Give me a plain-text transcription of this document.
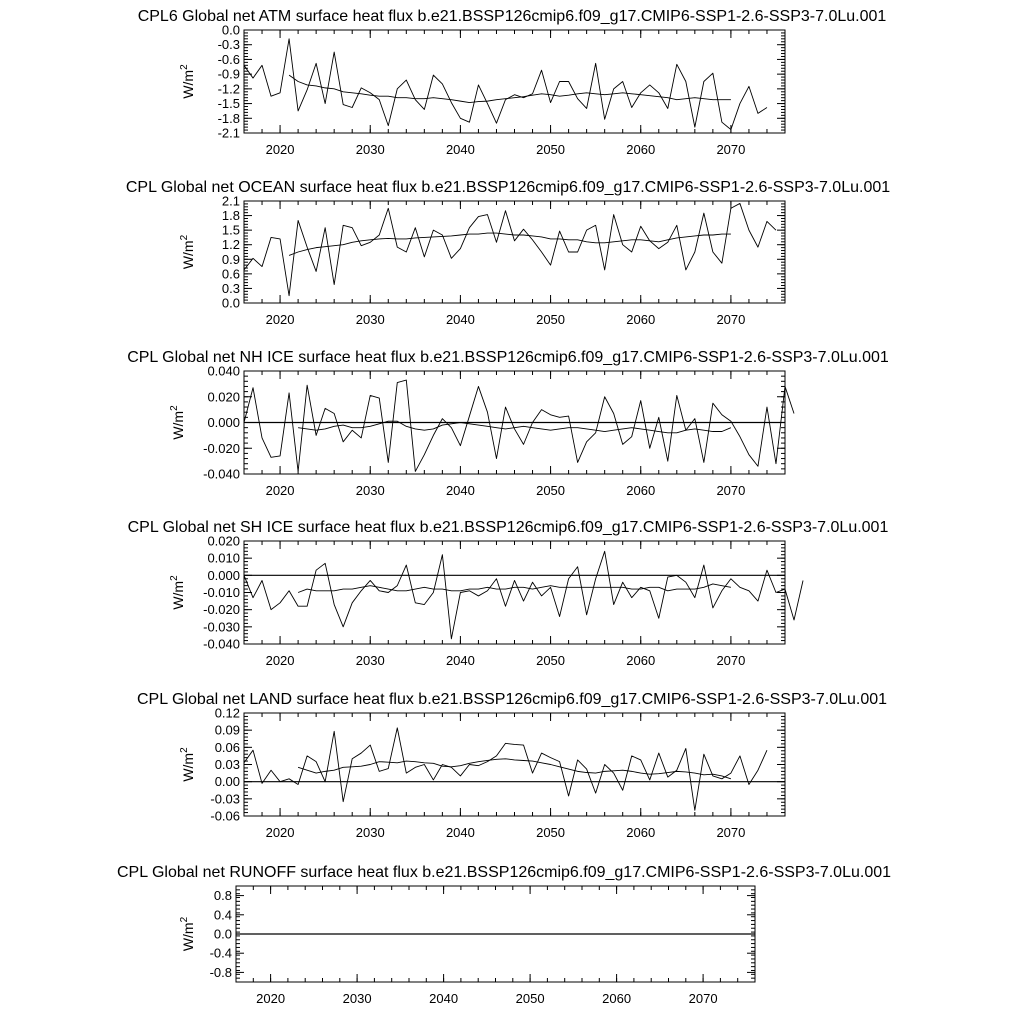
CPL6 Global net ATM surface heat flux b.e21.BSSP126cmip6.f09_g17.CMIP6-SSP1-2.6-SSP3-7.0Lu.001
2020	2030	2040	2050	2060	2070
0.0
-0.3
-0.6
-0.9
-1.2
-1.5
-1.8
-2.1
$W/m^2$
CPL Global net OCEAN surface heat flux b.e21.BSSP126cmip6.f09_g17.CMIP6-SSP1-2.6-SSP3-7.0Lu.001
2020	2030	2040	2050	2060	2070
2.1
1.8
1.5
1.2
0.9
0.6
0.3
0.0
$W/m^2$
CPL Global net NH ICE surface heat flux b.e21.BSSP126cmip6.f09_g17.CMIP6-SSP1-2.6-SSP3-7.0Lu.001
2020	2030	2040	2050	2060	2070
0.040
0.020
0.000
-0.020
-0.040
$W/m^2$
CPL Global net SH ICE surface heat flux b.e21.BSSP126cmip6.f09_g17.CMIP6-SSP1-2.6-SSP3-7.0Lu.001
2020	2030	2040	2050	2060	2070
0.020
0.010
0.000
-0.010
-0.020
-0.030
-0.040
$W/m^2$
CPL Global net LAND surface heat flux b.e21.BSSP126cmip6.f09_g17.CMIP6-SSP1-2.6-SSP3-7.0Lu.001
2020	2030	2040	2050	2060	2070
0.12
0.09
0.06
0.03
0.00
-0.03
-0.06
$W/m^2$
CPL Global net RUNOFF surface heat flux b.e21.BSSP126cmip6.f09_g17.CMIP6-SSP1-2.6-SSP3-7.0Lu.001
2020	2030	2040	2050	2060	2070
0.8
0.4
0.0
-0.4
-0.8
$W/m^2$
